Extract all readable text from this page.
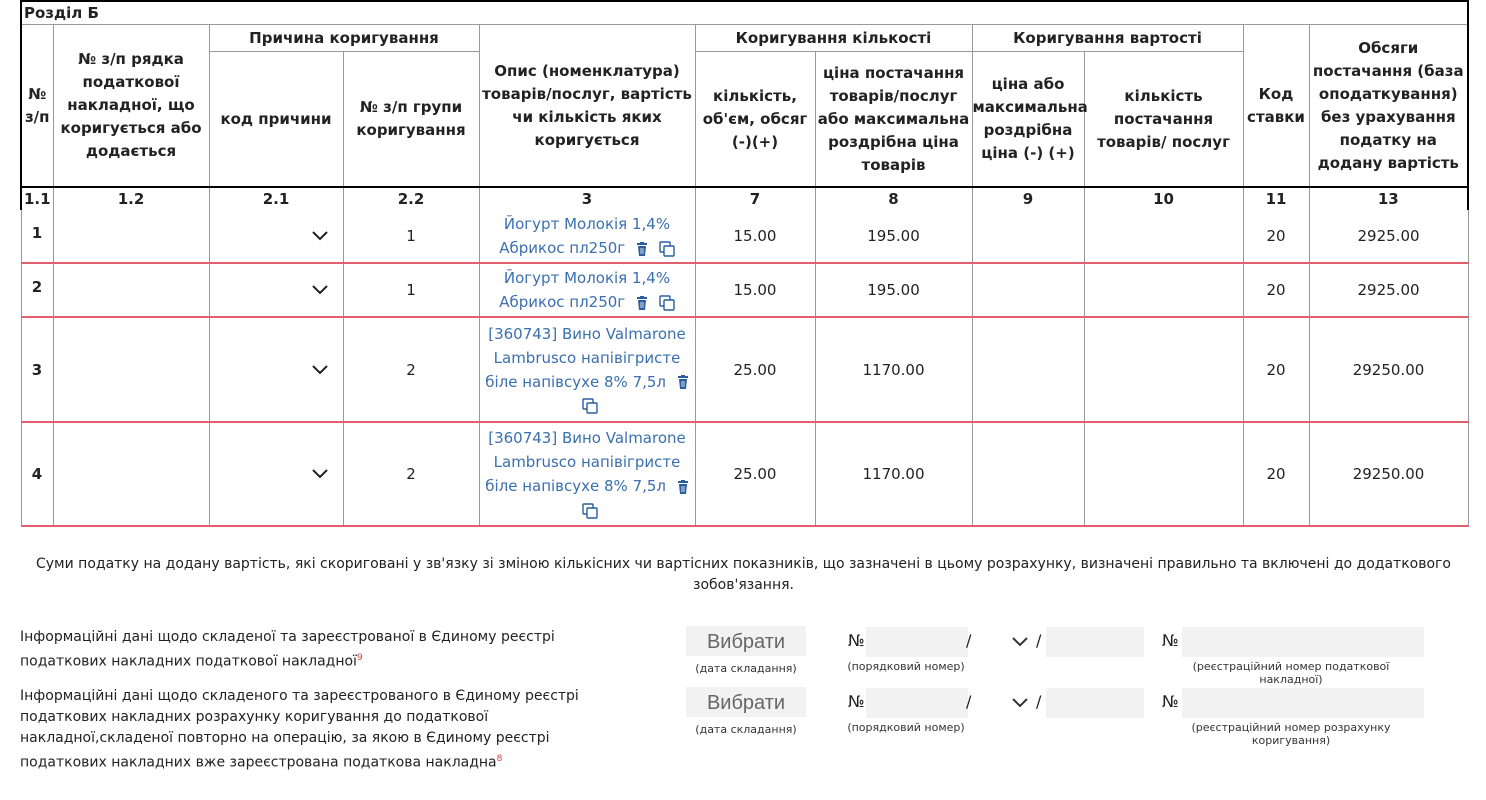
Розділ Б										
№ з/п	№ з/п рядка податкової накладної, що коригується або додається	Причина коригування		Опис (номенклатура) товарів/послуг, вартість чи кількість яких коригується	Коригування кількості		Коригування вартості		Код ставки	Обсяги постачання (база оподаткування) без урахування податку на додану вартість
		код причини	№ з/п групи коригування		кількість, об'єм, обсяг (-)(+)	ціна постачання товарів/послуг або максимальна роздрібна ціна товарів	ціна або максимальна роздрібна ціна (-) (+)	кількість постачання товарів/ послуг		
1.1	1.2	2.1	2.2	3	7	8	9	10	11	13
1			1	Йогурт Молокія 1,4% Абрикос пл250г	15.00	195.00			20	2925.00
2			1	Йогурт Молокія 1,4% Абрикос пл250г	15.00	195.00			20	2925.00
3			2	[360743] Вино Valmarone Lambrusco напівігристе біле напівсухе 8% 7,5л	25.00	1170.00			20	29250.00
4			2	[360743] Вино Valmarone Lambrusco напівігристе біле напівсухе 8% 7,5л	25.00	1170.00			20	29250.00
Суми податку на додану вартість, які скориговані у зв'язку зі зміною кількісних чи вартісних показників, що зазначені в цьому розрахунку, визначені правильно та включені до додаткового зобов'язання.
Інформаційні дані щодо складеної та зареєстрованої в Єдиному реєстрі податкових накладних податкової накладної$^9$
Вибрати
(дата складання)
№	/	/
(порядковий номер)
№
(реєстраційний номер податкової накладної)
Інформаційні дані щодо складеного та зареєстрованого в Єдиному реєстрі податкових накладних розрахунку коригування до податкової накладної,складеної повторно на операцію, за якою в Єдиному реєстрі податкових накладних вже зареєстрована податкова накладна$^8$
Вибрати
(дата складання)
№	/	/
(порядковий номер)
№
(реєстраційний номер розрахунку коригування)
